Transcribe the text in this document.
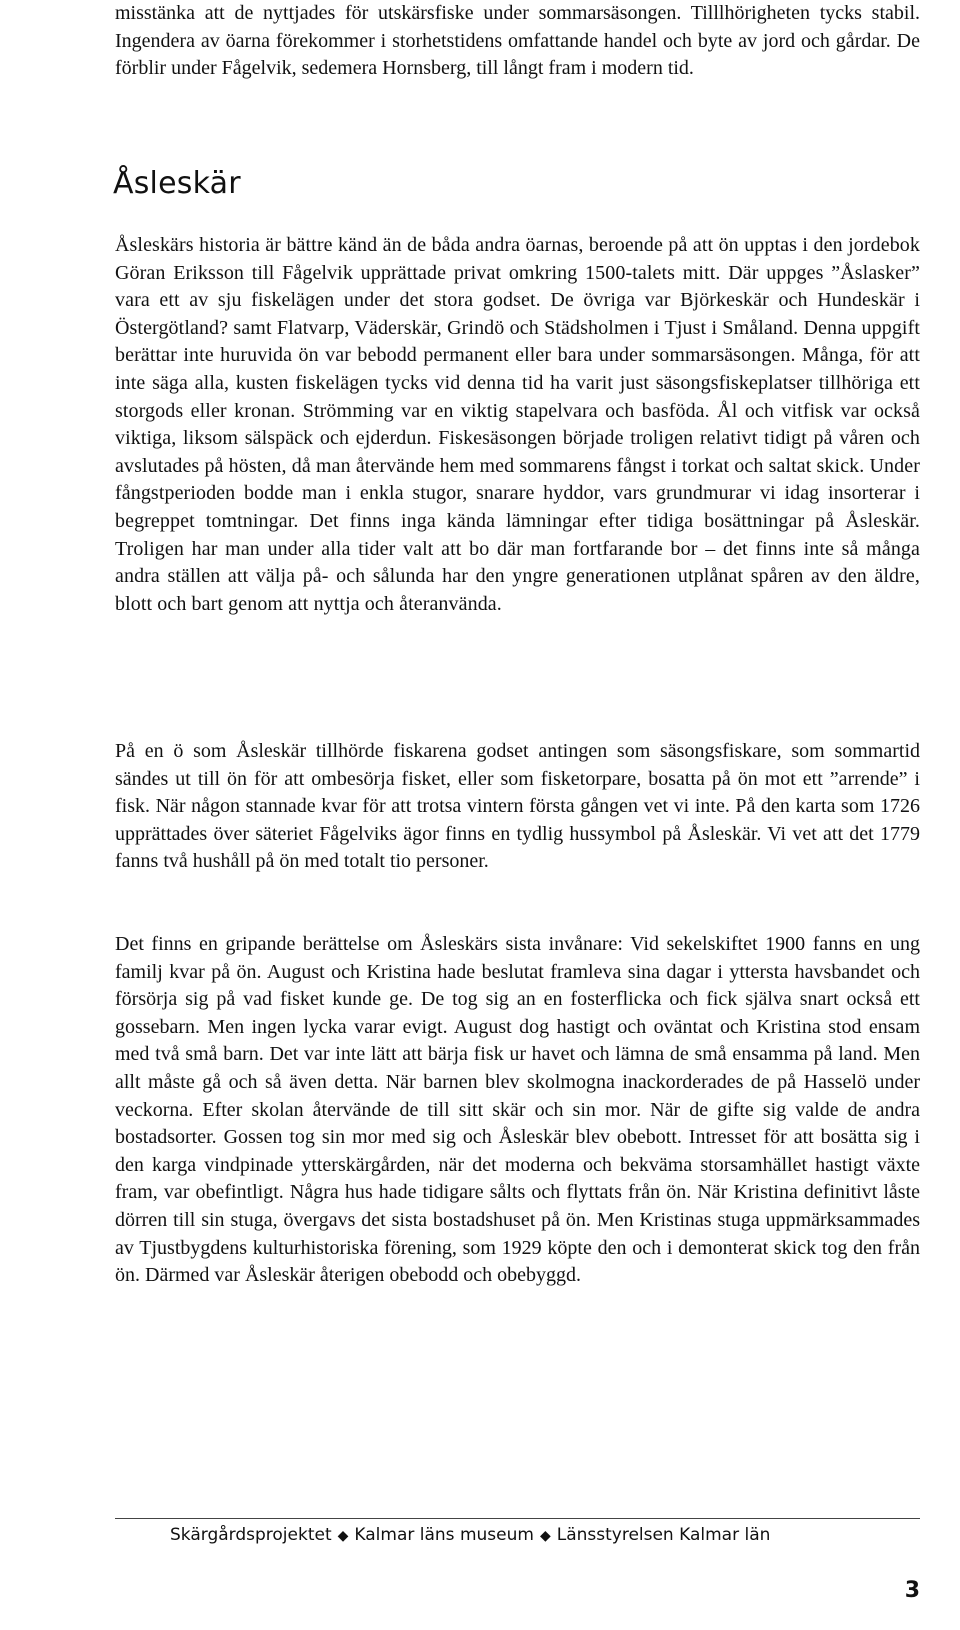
misstänka att de nyttjades för utskärsfiske under sommarsäsongen. Tilllhörigheten tycks stabil. Ingendera av öarna förekommer i storhetstidens omfattande handel och byte av jord och gårdar. De förblir under Fågelvik, sedemera Hornsberg, till långt fram i modern tid.

Åsleskär

Åsleskärs historia är bättre känd än de båda andra öarnas, beroende på att ön upptas i den jordebok Göran Eriksson till Fågelvik upprättade privat omkring 1500-talets mitt. Där uppges ”Åslasker” vara ett av sju fiskelägen under det stora godset. De övriga var Björkeskär och Hundeskär i Östergötland? samt Flatvarp, Väderskär, Grindö och Städsholmen i Tjust i Småland. Denna uppgift berättar inte huruvida ön var bebodd permanent eller bara under sommarsäsongen. Många, för att inte säga alla, kusten fiskelägen tycks vid denna tid ha varit just säsongsfiskeplatser tillhöriga ett storgods eller kronan. Strömming var en viktig stapelvara och basföda. Ål och vitfisk var också viktiga, liksom sälspäck och ejderdun. Fiskesäsongen började troligen relativt tidigt på våren och avslutades på hösten, då man återvände hem med sommarens fångst i torkat och saltat skick. Under fångstperioden bodde man i enkla stugor, snarare hyddor, vars grundmurar vi idag insorterar i begreppet tomtningar. Det finns inga kända lämningar efter tidiga bosättningar på Åsleskär. Troligen har man under alla tider valt att bo där man fortfarande bor – det finns inte så många andra ställen att välja på- och sålunda har den yngre generationen utplånat spåren av den äldre, blott och bart genom att nyttja och återanvända.

På en ö som Åsleskär tillhörde fiskarena godset antingen som säsongsfiskare, som sommartid sändes ut till ön för att ombesörja fisket, eller som fisketorpare, bosatta på ön mot ett ”arrende” i fisk. När någon stannade kvar för att trotsa vintern första gången vet vi inte. På den karta som 1726 upprättades över säteriet Fågelviks ägor finns en tydlig hussymbol på Åsleskär. Vi vet att det 1779 fanns två hushåll på ön med totalt tio personer.

Det finns en gripande berättelse om Åsleskärs sista invånare: Vid sekelskiftet 1900 fanns en ung familj kvar på ön. August och Kristina hade beslutat framleva sina dagar i yttersta havsbandet och försörja sig på vad fisket kunde ge. De tog sig an en fosterflicka och fick själva snart också ett gossebarn. Men ingen lycka varar evigt. August dog hastigt och oväntat och Kristina stod ensam med två små barn. Det var inte lätt att bärja fisk ur havet och lämna de små ensamma på land. Men allt måste gå och så även detta. När barnen blev skolmogna inackorderades de på Hasselö under veckorna. Efter skolan återvände de till sitt skär och sin mor. När de gifte sig valde de andra bostadsorter. Gossen tog sin mor med sig och Åsleskär blev obebott. Intresset för att bosätta sig i den karga vindpinade ytterskärgården, när det moderna och bekväma storsamhället hastigt växte fram, var obefintligt. Några hus hade tidigare sålts och flyttats från ön. När Kristina definitivt låste dörren till sin stuga, övergavs det sista bostadshuset på ön. Men Kristinas stuga uppmärksammades av Tjustbygdens kulturhistoriska förening, som 1929 köpte den och i demonterat skick tog den från ön. Därmed var Åsleskär återigen obebodd och obebyggd.

Skärgårdsprojektet ◆ Kalmar läns museum ◆ Länsstyrelsen Kalmar län
3
